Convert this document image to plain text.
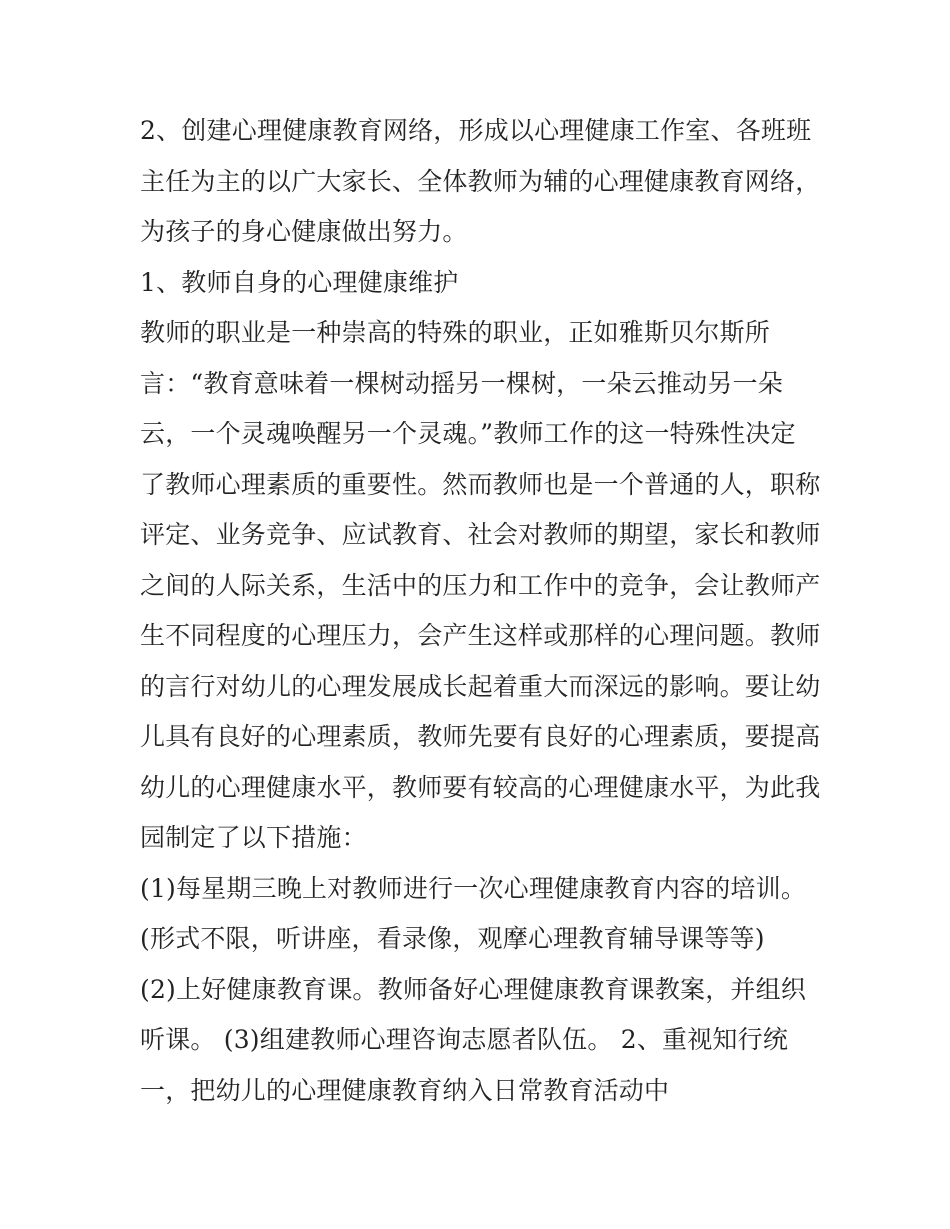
2、创建心理健康教育网络，形成以心理健康工作室、各班班
主任为主的以广大家长、全体教师为辅的心理健康教育网络，
为孩子的身心健康做出努力。
1、教师自身的心理健康维护
教师的职业是一种崇高的特殊的职业，正如雅斯贝尔斯所
言：“教育意味着一棵树动摇另一棵树，一朵云推动另一朵
云，一个灵魂唤醒另一个灵魂。”教师工作的这一特殊性决定
了教师心理素质的重要性。然而教师也是一个普通的人，职称
评定、业务竞争、应试教育、社会对教师的期望，家长和教师
之间的人际关系，生活中的压力和工作中的竞争，会让教师产
生不同程度的心理压力，会产生这样或那样的心理问题。教师
的言行对幼儿的心理发展成长起着重大而深远的影响。要让幼
儿具有良好的心理素质，教师先要有良好的心理素质，要提高
幼儿的心理健康水平，教师要有较高的心理健康水平，为此我
园制定了以下措施：
(1)每星期三晚上对教师进行一次心理健康教育内容的培训。
(形式不限，听讲座，看录像，观摩心理教育辅导课等等)
(2)上好健康教育课。教师备好心理健康教育课教案，并组织
听课。 (3)组建教师心理咨询志愿者队伍。 2、重视知行统
一，把幼儿的心理健康教育纳入日常教育活动中
